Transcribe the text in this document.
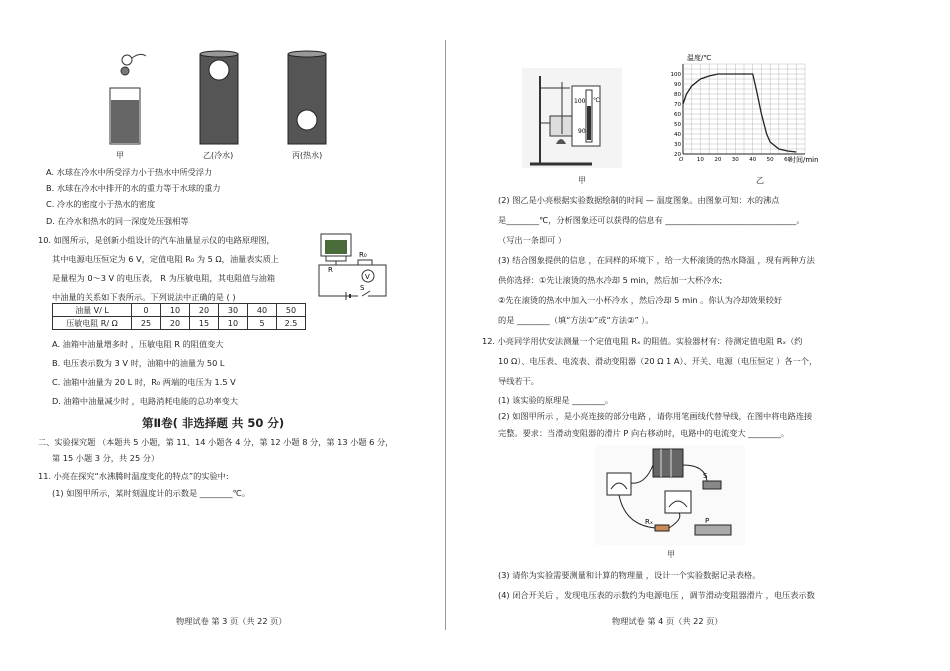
甲	乙(冷水)	丙(热水)
A. 水球在冷水中所受浮力小于热水中所受浮力
B. 水球在冷水中排开的水的重力等于水球的重力
C. 冷水的密度小于热水的密度
D. 在冷水和热水的同一深度处压强相等
10. 如图所示，是创新小组设计的汽车油量显示仪的电路原理图，
其中电源电压恒定为 6 V，定值电阻 R₀ 为 5 Ω，油量表实质上
是量程为 0～3 V 的电压表， R 为压敏电阻，其电阻值与油箱
中油量的关系如下表所示。下列说法中正确的是 ( )
R₀
R
V
S
油量 V/ L	0	10	20	30	40	50
压敏电阻 R/ Ω	25	20	15	10	5	2.5
A. 油箱中油量增多时 ，压敏电阻 R 的阻值变大
B. 电压表示数为 3 V 时，油箱中的油量为 50 L
C. 油箱中油量为 20 L 时，R₀ 两端的电压为 1.5 V
D. 油箱中油量减少时 ，电路消耗电能的总功率变大
第Ⅱ卷( 非选择题 共 50 分)
二、实验探究题 （本题共 5 小题，第 11、14 小题各 4 分，第 12 小题 8 分，第 13 小题 6 分，
第 15 小题 3 分，共 25 分）
11. 小亮在探究“水沸腾时温度变化的特点”的实验中:
(1) 如图甲所示，某时刻温度计的示数是 ________℃。
物理试卷 第 3 页（共 22 页）
100
90
℃
20
30
40
50
60
70
80
90
100
O 10 20 30 40 50 60
温度/℃
时间/min
甲	乙
(2) 图乙是小亮根据实验数据绘制的时间 — 温度图象。由图象可知：水的沸点
是________℃，分析图象还可以获得的信息有 ________________________________。
（写出一条即可 ）
(3) 结合图象提供的信息 ，在同样的环境下 ，给一大杯滚烫的热水降温 ，现有两种方法
供你选择：①先让滚烫的热水冷却 5 min，然后加一大杯冷水;
②先在滚烫的热水中加入一小杯冷水 ，然后冷却 5 min 。你认为冷却效果较好
的是 ________（填“方法①”或“方法②” ）。
12. 小亮同学用伏安法测量一个定值电阻 Rₓ 的阻值。实验器材有：待测定值电阻 Rₓ（约
10 Ω）、电压表、电流表、滑动变阻器（20 Ω 1 A）、开关、电源（电压恒定 ）各一个，
导线若干。
(1) 该实验的原理是 ________。
(2) 如图甲所示 ，是小亮连接的部分电路 ，请你用笔画线代替导线，在图中将电路连接
完整。要求：当滑动变阻器的滑片 P 向右移动时，电路中的电流变大 ________。
S
Rₓ	P
甲
(3) 请你为实验需要测量和计算的物理量 ，设计一个实验数据记录表格。
(4) 闭合开关后 ，发现电压表的示数约为电源电压 ，调节滑动变阻器滑片 ，电压表示数
物理试卷 第 4 页（共 22 页）
